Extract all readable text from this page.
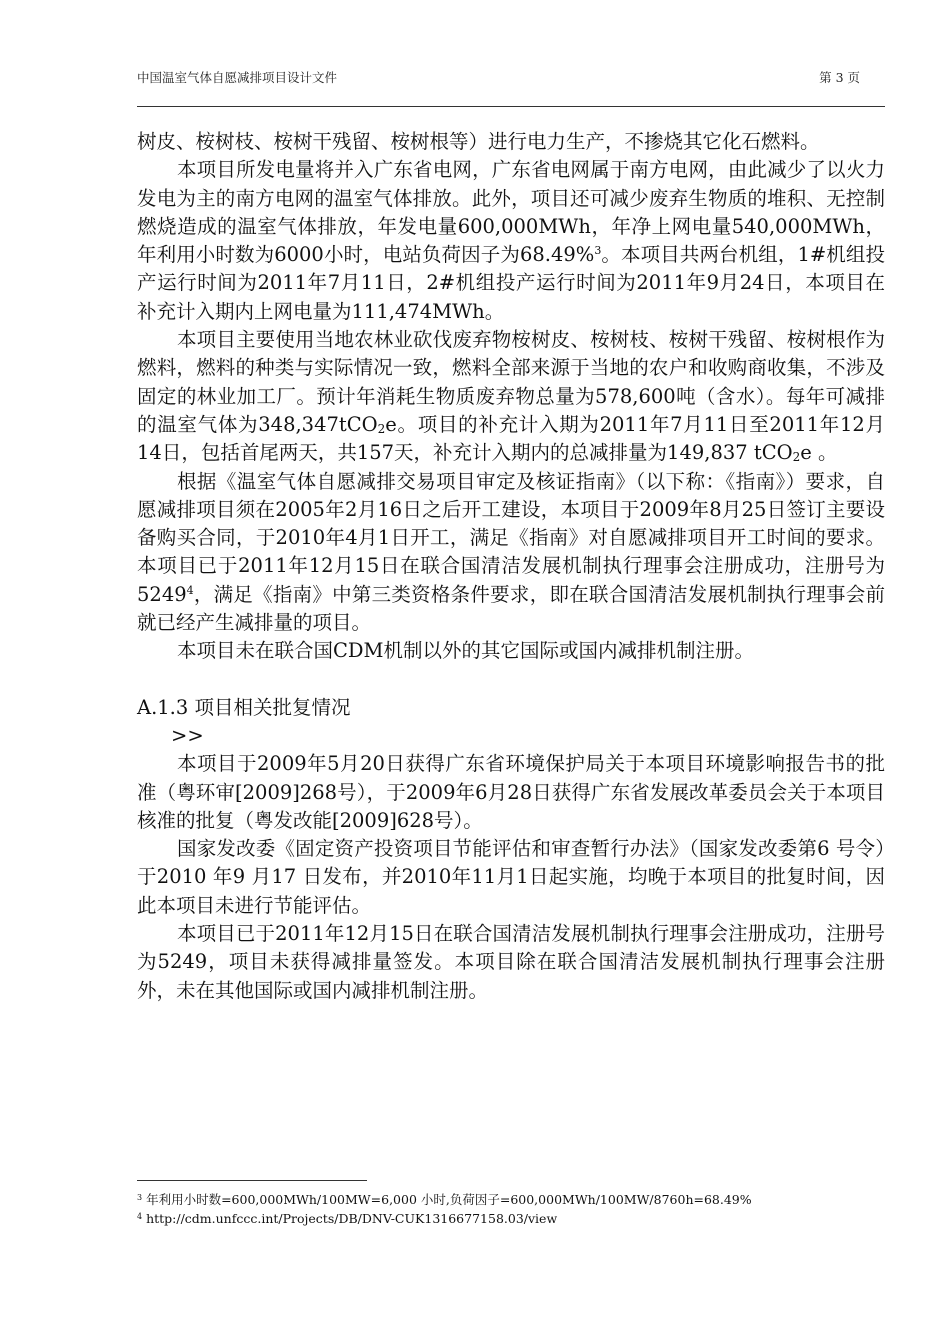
中国温室气体自愿减排项目设计文件	第 3 页

树皮、桉树枝、桉树干残留、桉树根等）进行电力生产，不掺烧其它化石燃料。

本项目所发电量将并入广东省电网，广东省电网属于南方电网，由此减少了以火力发电为主的南方电网的温室气体排放。此外，项目还可减少废弃生物质的堆积、无控制燃烧造成的温室气体排放，年发电量600,000MWh，年净上网电量540,000MWh，年利用小时数为6000小时，电站负荷因子为68.49%$^3$。本项目共两台机组，1#机组投产运行时间为2011年7月11日，2#机组投产运行时间为2011年9月24日，本项目在补充计入期内上网电量为111,474MWh。

本项目主要使用当地农林业砍伐废弃物桉树皮、桉树枝、桉树干残留、桉树根作为燃料，燃料的种类与实际情况一致，燃料全部来源于当地的农户和收购商收集，不涉及固定的林业加工厂。预计年消耗生物质废弃物总量为578,600吨（含水）。每年可减排的温室气体为348,347tCO$_2$e。项目的补充计入期为2011年7月11日至2011年12月14日，包括首尾两天，共157天，补充计入期内的总减排量为149,837 tCO$_2$e 。

根据《温室气体自愿减排交易项目审定及核证指南》（以下称：《指南》）要求，自愿减排项目须在2005年2月16日之后开工建设，本项目于2009年8月25日签订主要设备购买合同，于2010年4月1日开工，满足《指南》对自愿减排项目开工时间的要求。本项目已于2011年12月15日在联合国清洁发展机制执行理事会注册成功，注册号为5249$^4$，满足《指南》中第三类资格条件要求，即在联合国清洁发展机制执行理事会前就已经产生减排量的项目。

本项目未在联合国CDM机制以外的其它国际或国内减排机制注册。

A.1.3 项目相关批复情况

>>

本项目于2009年5月20日获得广东省环境保护局关于本项目环境影响报告书的批准（粤环审[2009]268号），于2009年6月28日获得广东省发展改革委员会关于本项目核准的批复（粤发改能[2009]628号）。

国家发改委《固定资产投资项目节能评估和审查暂行办法》（国家发改委第6 号令）于2010 年9 月17 日发布，并2010年11月1日起实施，均晚于本项目的批复时间，因此本项目未进行节能评估。

本项目已于2011年12月15日在联合国清洁发展机制执行理事会注册成功，注册号为5249，项目未获得减排量签发。本项目除在联合国清洁发展机制执行理事会注册外，未在其他国际或国内减排机制注册。

$^3$ 年利用小时数=600,000MWh/100MW=6,000 小时,负荷因子=600,000MWh/100MW/8760h=68.49%

$^4$ http://cdm.unfccc.int/Projects/DB/DNV-CUK1316677158.03/view
